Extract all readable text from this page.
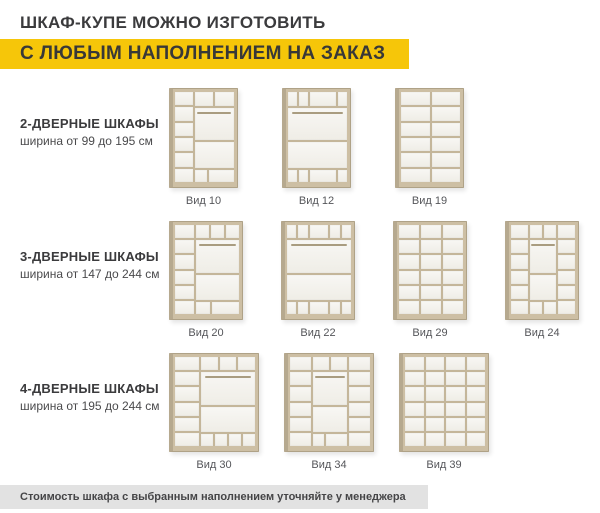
ШКАФ-КУПЕ МОЖНО ИЗГОТОВИТЬ
С ЛЮБЫМ НАПОЛНЕНИЕМ НА ЗАКАЗ
2-ДВЕРНЫЕ ШКАФЫ
ширина от 99 до 195 см
Вид 10	Вид 12	Вид 19
3-ДВЕРНЫЕ ШКАФЫ
ширина от 147 до 244 см
Вид 20	Вид 22	Вид 29	Вид 24
4-ДВЕРНЫЕ ШКАФЫ
ширина от 195 до 244 см
Вид 30	Вид 34	Вид 39
Стоимость шкафа с выбранным наполнением уточняйте у менеджера
